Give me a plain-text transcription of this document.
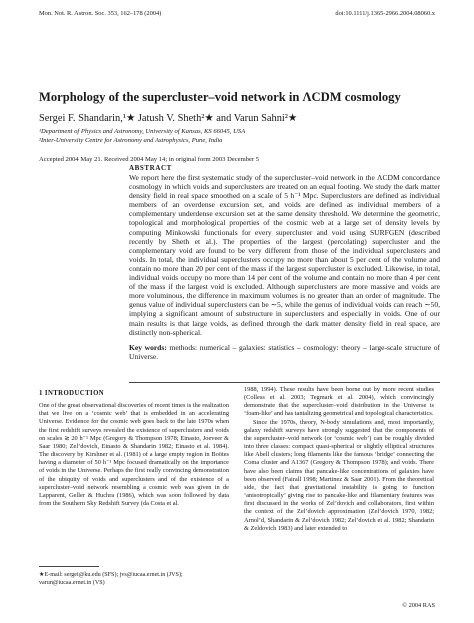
Mon. Not. R. Astron. Soc. 353, 162–178 (2004)	doi:10.1111/j.1365-2966.2004.08060.x
Morphology of the supercluster–void network in ΛCDM cosmology
Sergei F. Shandarin,¹★ Jatush V. Sheth²★ and Varun Sahni²★
¹Department of Physics and Astronomy, University of Kansas, KS 66045, USA
²Inter-University Centre for Astronomy and Astrophysics, Pune, India
Accepted 2004 May 21. Received 2004 May 14; in original form 2003 December 5
ABSTRACT

We report here the first systematic study of the supercluster–void network in the ΛCDM concordance cosmology in which voids and superclusters are treated on an equal footing. We study the dark matter density field in real space smoothed on a scale of 5 h⁻¹ Mpc. Superclusters are defined as individual members of an overdense excursion set, and voids are defined as individual members of a complementary underdense excursion set at the same density threshold. We determine the geometric, topological and morphological properties of the cosmic web at a large set of density levels by computing Minkowski functionals for every supercluster and void using SURFGEN (described recently by Sheth et al.). The properties of the largest (percolating) supercluster and the complementary void are found to be very different from those of the individual superclusters and voids. In total, the individual superclusters occupy no more than about 5 per cent of the volume and contain no more than 20 per cent of the mass if the largest supercluster is excluded. Likewise, in total, individual voids occupy no more than 14 per cent of the volume and contain no more than 4 per cent of the mass if the largest void is excluded. Although superclusters are more massive and voids are more voluminous, the difference in maximum volumes is no greater than an order of magnitude. The genus value of individual superclusters can be ∼5, while the genus of individual voids can reach ∼50, implying a significant amount of substructure in superclusters and especially in voids. One of our main results is that large voids, as defined through the dark matter density field in real space, are distinctly non-spherical.

Key words: methods: numerical – galaxies: statistics – cosmology: theory – large-scale structure of Universe.

1 INTRODUCTION

One of the great observational discoveries of recent times is the realization that we live on a ‘cosmic web’ that is embedded in an accelerating Universe. Evidence for the cosmic web goes back to the late 1970s when the first redshift surveys revealed the existence of superclusters and voids on scales ≳ 20 h⁻¹ Mpc (Gregory & Thompson 1978; Einasto, Joeveer & Saar 1980; Zel’dovich, Einasto & Shandarin 1982; Einasto et al. 1984). The discovery by Kirshner et al. (1981) of a large empty region in Boötes having a diameter of 50 h⁻¹ Mpc focused dramatically on the importance of voids in the Universe. Perhaps the first really convincing demonstration of the ubiquity of voids and superclusters and of the existence of a supercluster–void network resembling a cosmic web was given in de Lapparent, Geller & Huchra (1986), which was soon followed by data from the Southern Sky Redshift Survey (da Costa et al.

1988, 1994). These results have been borne out by more recent studies (Colless et al. 2003; Tegmark et al. 2004), which convincingly demonstrate that the supercluster–void distribution in the Universe is ‘foam-like’ and has tantalizing geometrical and topological characteristics.

Since the 1970s, theory, N-body simulations and, most importantly, galaxy redshift surveys have strongly suggested that the components of the supercluster–void network (or ‘cosmic web’) can be roughly divided into three classes: compact quasi-spherical or slightly elliptical structures like Abell clusters; long filaments like the famous ‘bridge’ connecting the Coma cluster and A1367 (Gregory & Thompson 1978); and voids. There have also been claims that pancake-like concentrations of galaxies have been observed (Fairall 1998; Martinez & Saar 2001). From the theoretical side, the fact that gravitational instability is going to function ‘anisotropically’ giving rise to pancake-like and filamentary features was first discussed in the works of Zel’dovich and collaborators, first within the context of the Zel’dovich approximation (Zel’dovich 1970, 1982; Arnol’d, Shandarin & Zel’dovich 1982; Zel’dovich et al. 1982; Shandarin & Zeldovich 1983) and later extended to

★E-mail: sergei@ku.edu (SFS); jvs@iucaa.ernet.in (JVS); varun@iucaa.ernet.in (VS)
© 2004 RAS
